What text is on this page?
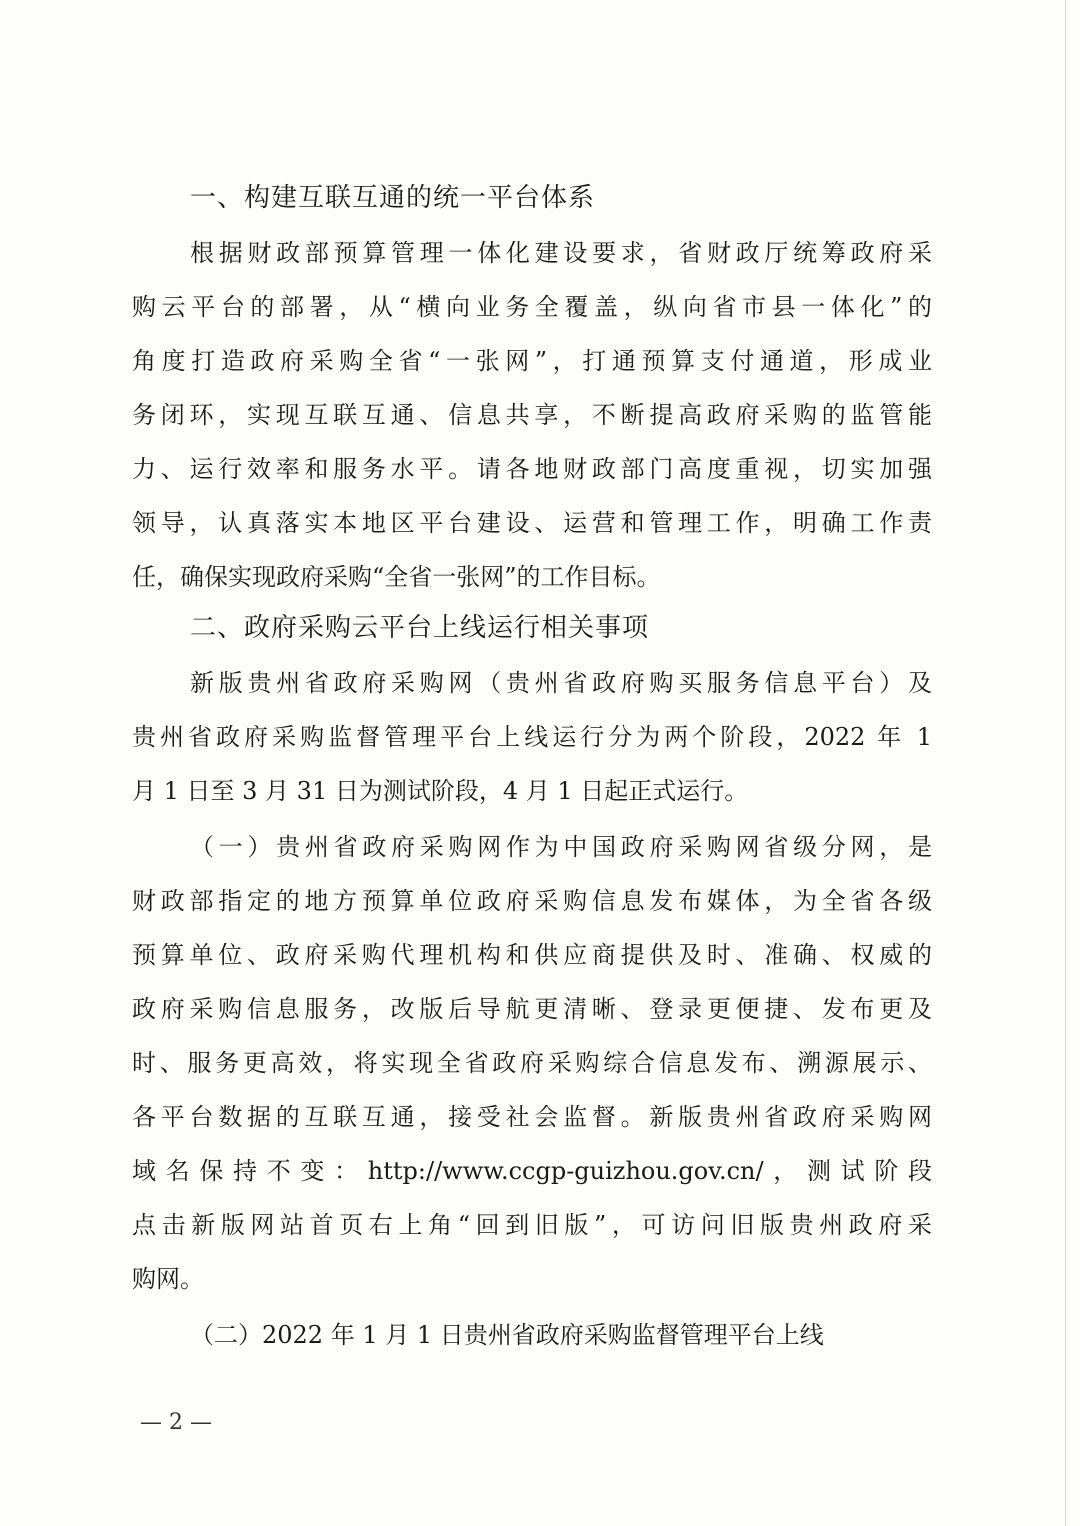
一、构建互联互通的统一平台体系
根据财政部预算管理一体化建设要求，省财政厅统筹政府采
购云平台的部署，从“横向业务全覆盖，纵向省市县一体化”的
角度打造政府采购全省“一张网”，打通预算支付通道，形成业
务闭环，实现互联互通、信息共享，不断提高政府采购的监管能
力、运行效率和服务水平。请各地财政部门高度重视，切实加强
领导，认真落实本地区平台建设、运营和管理工作，明确工作责
任，确保实现政府采购“全省一张网”的工作目标。
二、政府采购云平台上线运行相关事项
新版贵州省政府采购网（贵州省政府购买服务信息平台）及
贵州省政府采购监督管理平台上线运行分为两个阶段，2022 年 1
月 1 日至 3 月 31 日为测试阶段，4 月 1 日起正式运行。
（一）贵州省政府采购网作为中国政府采购网省级分网，是
财政部指定的地方预算单位政府采购信息发布媒体，为全省各级
预算单位、政府采购代理机构和供应商提供及时、准确、权威的
政府采购信息服务，改版后导航更清晰、登录更便捷、发布更及
时、服务更高效，将实现全省政府采购综合信息发布、溯源展示、
各平台数据的互联互通，接受社会监督。新版贵州省政府采购网
域名保持不变：http://www.ccgp-guizhou.gov.cn/，测试阶段
点击新版网站首页右上角“回到旧版”，可访问旧版贵州政府采
购网。
（二）2022 年 1 月 1 日贵州省政府采购监督管理平台上线
— 2 —
